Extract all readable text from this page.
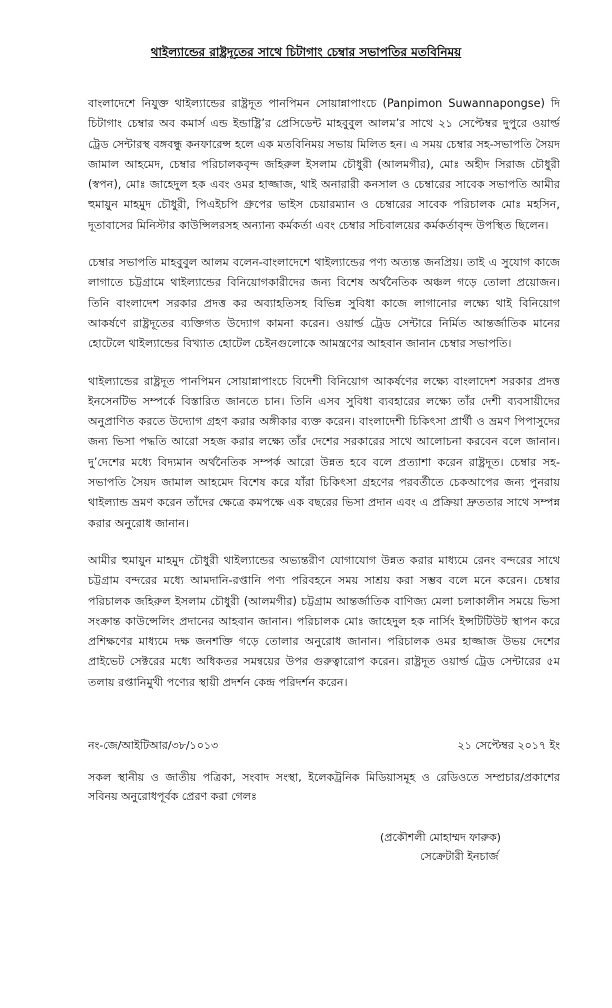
থাইল্যান্ডের রাষ্ট্রদূতের সাথে চিটাগাং চেম্বার সভাপতির মতবিনিময়

বাংলাদেশে নিযুক্ত থাইল্যান্ডের রাষ্ট্রদূত পানপিমন সোয়ান্নাপাংচে (Panpimon Suwannapongse) দি চিটাগাং চেম্বার অব কমার্স এন্ড ইন্ডাষ্ট্রি’র প্রেসিডেন্ট মাহবুবুল আলম’র সাথে ২১ সেপ্টেম্বর দুপুরে ওয়ার্ল্ড ট্রেড সেন্টারস্থ বঙ্গবন্ধু কনফারেন্স হলে এক মতবিনিময় সভায় মিলিত হন। এ সময় চেম্বার সহ-সভাপতি সৈয়দ জামাল আহমেদ, চেম্বার পরিচালকবৃন্দ জহিরুল ইসলাম চৌধুরী (আলমগীর), মোঃ অহীদ সিরাজ চৌধুরী (স্বপন), মোঃ জাহেদুল হক এবং ওমর হাজ্জাজ, থাই অনারারী কনসাল ও চেম্বারের সাবেক সভাপতি আমীর হুমায়ুন মাহমুদ চৌধুরী, পিএইচপি গ্রুপের ভাইস চেয়ারম্যান ও চেম্বারের সাবেক পরিচালক মোঃ মহসিন, দূতাবাসের মিনিস্টার কাউন্সিলরসহ অন্যান্য কর্মকর্তা এবং চেম্বার সচিবালয়ের কর্মকর্তাবৃন্দ উপস্থিত ছিলেন।

চেম্বার সভাপতি মাহবুবুল আলম বলেন-বাংলাদেশে থাইল্যান্ডের পণ্য অত্যন্ত জনপ্রিয়। তাই এ সুযোগ কাজে লাগাতে চট্টগ্রামে থাইল্যান্ডের বিনিয়োগকারীদের জন্য বিশেষ অর্থনৈতিক অঞ্চল গড়ে তোলা প্রয়োজন। তিনি বাংলাদেশ সরকার প্রদত্ত কর অব্যাহতিসহ বিভিন্ন সুবিধা কাজে লাগানোর লক্ষ্যে থাই বিনিয়োগ আকর্ষণে রাষ্ট্রদূতের ব্যক্তিগত উদ্যোগ কামনা করেন। ওয়ার্ল্ড ট্রেড সেন্টারে নির্মিত আন্তর্জাতিক মানের হোটেলে থাইল্যান্ডের বিখ্যাত হোটেল চেইনগুলোকে আমন্ত্রণের আহবান জানান চেম্বার সভাপতি।

থাইল্যান্ডের রাষ্ট্রদূত পানপিমন সোয়ান্নাপাংচে বিদেশী বিনিয়োগ আকর্ষণের লক্ষ্যে বাংলাদেশ সরকার প্রদত্ত ইনসেনটিভ সম্পর্কে বিস্তারিত জানতে চান। তিনি এসব সুবিধা ব্যবহারের লক্ষ্যে তাঁর দেশী ব্যবসায়ীদের অনুপ্রাণিত করতে উদ্যোগ গ্রহণ করার অঙ্গীকার ব্যক্ত করেন। বাংলাদেশী চিকিৎসা প্রার্থী ও ভ্রমণ পিপাসুদের জন্য ভিসা পদ্ধতি আরো সহজ করার লক্ষ্যে তাঁর দেশের সরকারের সাথে আলোচনা করবেন বলে জানান। দু’দেশের মধ্যে বিদ্যমান অর্থনৈতিক সম্পর্ক আরো উন্নত হবে বলে প্রত্যাশা করেন রাষ্ট্রদূত। চেম্বার সহ-সভাপতি সৈয়দ জামাল আহমেদ বিশেষ করে যাঁরা চিকিৎসা গ্রহণের পরবর্তীতে চেকআপের জন্য পুনরায় থাইল্যান্ড ভ্রমণ করেন তাঁদের ক্ষেত্রে কমপক্ষে এক বছরের ভিসা প্রদান এবং এ প্রক্রিয়া দ্রুততার সাথে সম্পন্ন করার অনুরোধ জানান।

আমীর হুমায়ুন মাহমুদ চৌধুরী থাইল্যান্ডের অভ্যন্তরীণ যোগাযোগ উন্নত করার মাধ্যমে রেনং বন্দরের সাথে চট্টগ্রাম বন্দরের মধ্যে আমদানি-রপ্তানি পণ্য পরিবহনে সময় সাশ্রয় করা সম্ভব বলে মনে করেন। চেম্বার পরিচালক জহিরুল ইসলাম চৌধুরী (আলমগীর) চট্টগ্রাম আন্তর্জাতিক বাণিজ্য মেলা চলাকালীন সময়ে ভিসা সংক্রান্ত কাউন্সেলিং প্রদানের আহবান জানান। পরিচালক মোঃ জাহেদুল হক নার্সিং ইন্সটিটিউট স্থাপন করে প্রশিক্ষণের মাধ্যমে দক্ষ জনশক্তি গড়ে তোলার অনুরোধ জানান। পরিচালক ওমর হাজ্জাজ উভয় দেশের প্রাইভেট সেক্টরের মধ্যে অধিকতর সমন্বয়ের উপর গুরুত্বারোপ করেন। রাষ্ট্রদূত ওয়ার্ল্ড ট্রেড সেন্টারের ৫ম তলায় রপ্তানিমুখী পণ্যের স্থায়ী প্রদর্শন কেন্দ্র পরিদর্শন করেন।

নং-জে/আইটিআর/৩৮/১০১৩	২১ সেপ্টেম্বর ২০১৭ ইং
সকল স্থানীয় ও জাতীয় পত্রিকা, সংবাদ সংস্থা, ইলেকট্রনিক মিডিয়াসমূহ ও রেডিওতে সম্প্রচার/প্রকাশের সবিনয় অনুরোধপূর্বক প্রেরণ করা গেলঃ
(প্রকৌশলী মোহাম্মদ ফারুক)
সেক্রেটারী ইনচার্জ
